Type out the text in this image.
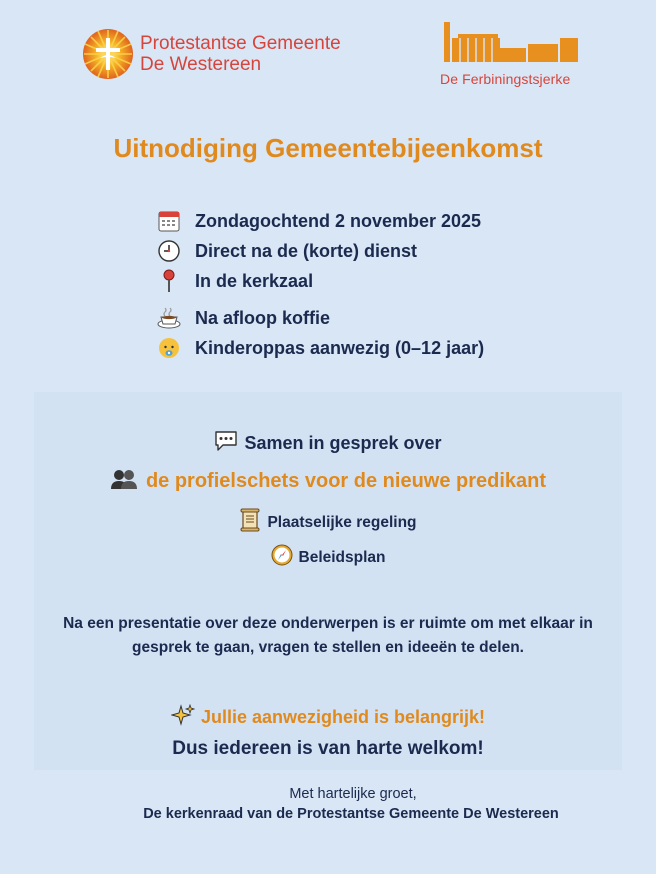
Protestantse Gemeente
De Westereen
De Ferbiningstsjerke
Uitnodiging Gemeentebijeenkomst
Zondagochtend 2 november 2025
Direct na de (korte) dienst
In de kerkzaal
Na afloop koffie
Kinderoppas aanwezig (0–12 jaar)
Samen in gesprek over
de profielschets voor de nieuwe predikant
Plaatselijke regeling
Beleidsplan
Na een presentatie over deze onderwerpen is er ruimte om met elkaar in gesprek te gaan, vragen te stellen en ideeën te delen.
Jullie aanwezigheid is belangrijk!
Dus iedereen is van harte welkom!
Met hartelijke groet,
De kerkenraad van de Protestantse Gemeente De Westereen
